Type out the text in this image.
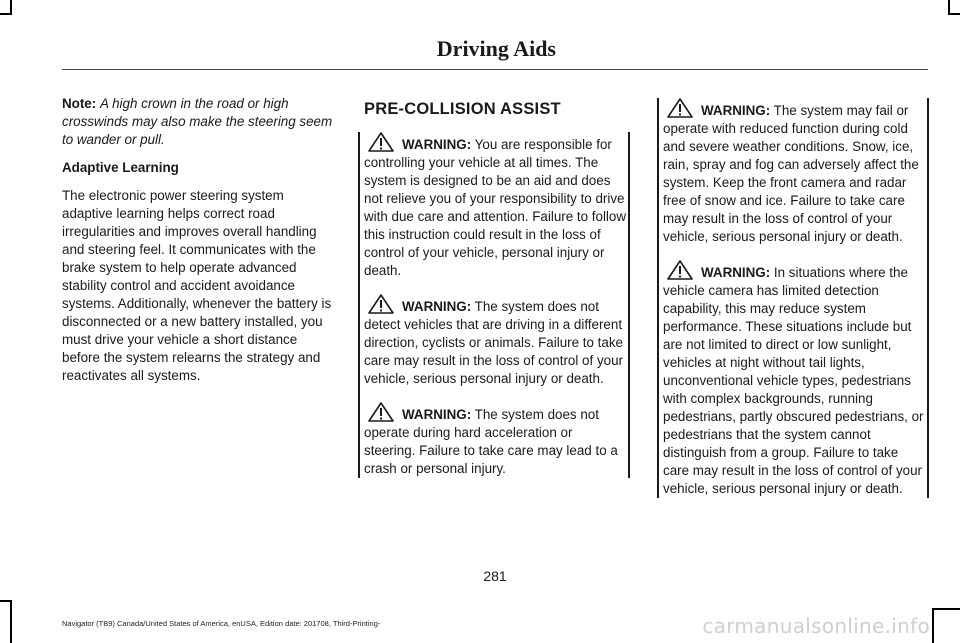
Driving Aids

Note: A high crown in the road or high crosswinds may also make the steering seem to wander or pull.

Adaptive Learning

The electronic power steering system adaptive learning helps correct road irregularities and improves overall handling and steering feel. It communicates with the brake system to help operate advanced stability control and accident avoidance systems. Additionally, whenever the battery is disconnected or a new battery installed, you must drive your vehicle a short distance before the system relearns the strategy and reactivates all systems.

PRE-COLLISION ASSIST

WARNING: You are responsible for controlling your vehicle at all times. The system is designed to be an aid and does not relieve you of your responsibility to drive with due care and attention. Failure to follow this instruction could result in the loss of control of your vehicle, personal injury or death.

WARNING: The system does not detect vehicles that are driving in a different direction, cyclists or animals. Failure to take care may result in the loss of control of your vehicle, serious personal injury or death.

WARNING: The system does not operate during hard acceleration or steering. Failure to take care may lead to a crash or personal injury.

WARNING: The system may fail or operate with reduced function during cold and severe weather conditions. Snow, ice, rain, spray and fog can adversely affect the system. Keep the front camera and radar free of snow and ice. Failure to take care may result in the loss of control of your vehicle, serious personal injury or death.

WARNING: In situations where the vehicle camera has limited detection capability, this may reduce system performance. These situations include but are not limited to direct or low sunlight, vehicles at night without tail lights, unconventional vehicle types, pedestrians with complex backgrounds, running pedestrians, partly obscured pedestrians, or pedestrians that the system cannot distinguish from a group. Failure to take care may result in the loss of control of your vehicle, serious personal injury or death.

281
Navigator (TB9) Canada/United States of America, enUSA, Edition date: 201708, Third-Printing-	carmanualsonline.info
